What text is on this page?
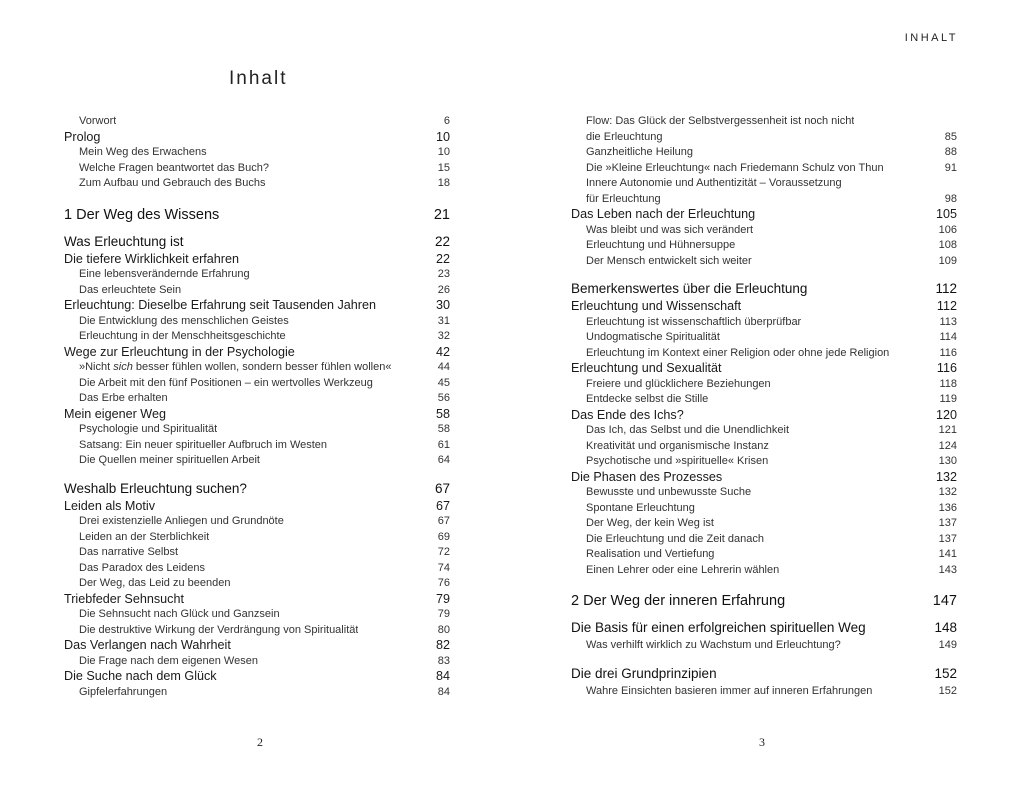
INHALT
Inhalt
Vorwort	6
Prolog	10
Mein Weg des Erwachens	10
Welche Fragen beantwortet das Buch?	15
Zum Aufbau und Gebrauch des Buchs	18
1 Der Weg des Wissens	21
Was Erleuchtung ist	22
Die tiefere Wirklichkeit erfahren	22
Eine lebensverändernde Erfahrung	23
Das erleuchtete Sein	26
Erleuchtung: Dieselbe Erfahrung seit Tausenden Jahren	30
Die Entwicklung des menschlichen Geistes	31
Erleuchtung in der Menschheitsgeschichte	32
Wege zur Erleuchtung in der Psychologie	42
»Nicht sich besser fühlen wollen, sondern besser fühlen wollen«	44
Die Arbeit mit den fünf Positionen – ein wertvolles Werkzeug	45
Das Erbe erhalten	56
Mein eigener Weg	58
Psychologie und Spiritualität	58
Satsang: Ein neuer spiritueller Aufbruch im Westen	61
Die Quellen meiner spirituellen Arbeit	64
Weshalb Erleuchtung suchen?	67
Leiden als Motiv	67
Drei existenzielle Anliegen und Grundnöte	67
Leiden an der Sterblichkeit	69
Das narrative Selbst	72
Das Paradox des Leidens	74
Der Weg, das Leid zu beenden	76
Triebfeder Sehnsucht	79
Die Sehnsucht nach Glück und Ganzsein	79
Die destruktive Wirkung der Verdrängung von Spiritualität	80
Das Verlangen nach Wahrheit	82
Die Frage nach dem eigenen Wesen	83
Die Suche nach dem Glück	84
Gipfelerfahrungen	84
Flow: Das Glück der Selbstvergessenheit ist noch nicht
die Erleuchtung	85
Ganzheitliche Heilung	88
Die »Kleine Erleuchtung« nach Friedemann Schulz von Thun	91
Innere Autonomie und Authentizität – Voraussetzung
für Erleuchtung	98
Das Leben nach der Erleuchtung	105
Was bleibt und was sich verändert	106
Erleuchtung und Hühnersuppe	108
Der Mensch entwickelt sich weiter	109
Bemerkenswertes über die Erleuchtung	112
Erleuchtung und Wissenschaft	112
Erleuchtung ist wissenschaftlich überprüfbar	113
Undogmatische Spiritualität	114
Erleuchtung im Kontext einer Religion oder ohne jede Religion	116
Erleuchtung und Sexualität	116
Freiere und glücklichere Beziehungen	118
Entdecke selbst die Stille	119
Das Ende des Ichs?	120
Das Ich, das Selbst und die Unendlichkeit	121
Kreativität und organismische Instanz	124
Psychotische und »spirituelle« Krisen	130
Die Phasen des Prozesses	132
Bewusste und unbewusste Suche	132
Spontane Erleuchtung	136
Der Weg, der kein Weg ist	137
Die Erleuchtung und die Zeit danach	137
Realisation und Vertiefung	141
Einen Lehrer oder eine Lehrerin wählen	143
2 Der Weg der inneren Erfahrung	147
Die Basis für einen erfolgreichen spirituellen Weg	148
Was verhilft wirklich zu Wachstum und Erleuchtung?	149
Die drei Grundprinzipien	152
Wahre Einsichten basieren immer auf inneren Erfahrungen	152
2	3
